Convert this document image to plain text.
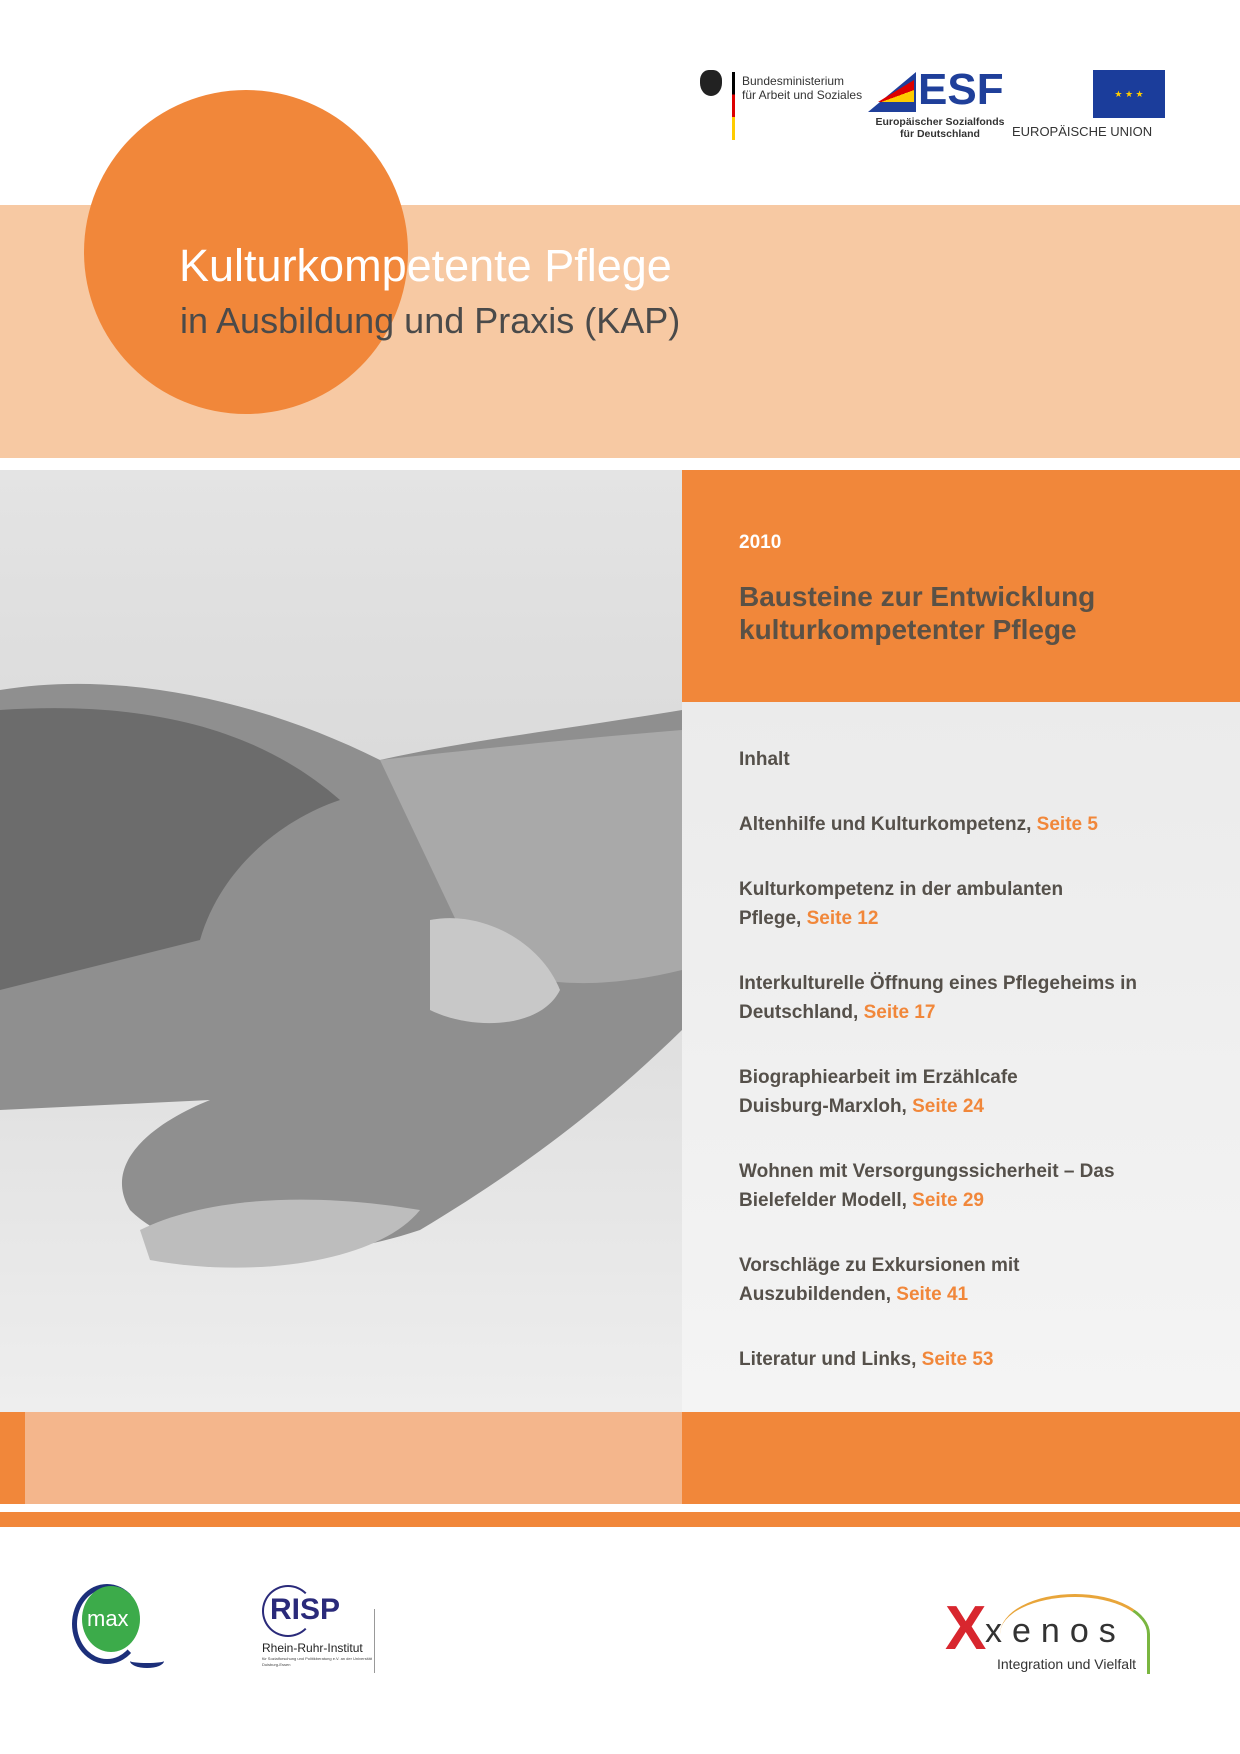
Bundesministerium
für Arbeit und Soziales ESF
Europäischer Sozialfonds
für Deutschland
★ ★ ★
EUROPÄISCHE UNION
Kulturkompetente Pflege
in Ausbildung und Praxis (KAP)
2010
Bausteine zur Entwicklung kulturkompetenter Pflege
Inhalt
Altenhilfe und Kulturkompetenz, Seite 5
Kulturkompetenz in der ambulanten Pflege, Seite 12
Interkulturelle Öffnung eines Pflegeheims in Deutschland, Seite 17
Biographiearbeit im Erzählcafe Duisburg-Marxloh, Seite 24
Wohnen mit Versorgungssicherheit – Das Bielefelder Modell, Seite 29
Vorschläge zu Exkursionen mit Auszubildenden, Seite 41
Literatur und Links, Seite 53
max	RISP
Rhein-Ruhr-Institut
für Sozialforschung und Politikberatung e.V. an der Universität Duisburg-Essen
X
xenos
Integration und Vielfalt
